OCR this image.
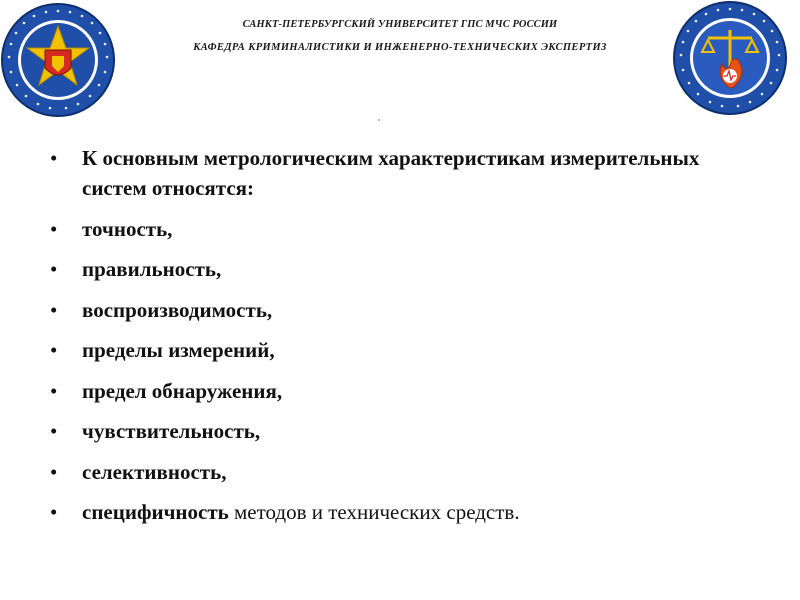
САНКТ-ПЕТЕРБУРГСКИЙ УНИВЕРСИТЕТ ГПС МЧС РОССИИ
КАФЕДРА КРИМИНАЛИСТИКИ И ИНЖЕНЕРНО-ТЕХНИЧЕСКИХ ЭКСПЕРТИЗ
• К основным метрологическим характеристикам измерительных систем относятся:
• точность,
• правильность,
• воспроизводимость,
• пределы измерений,
• предел обнаружения,
• чувствительность,
• селективность,
• специфичность методов и технических средств.
